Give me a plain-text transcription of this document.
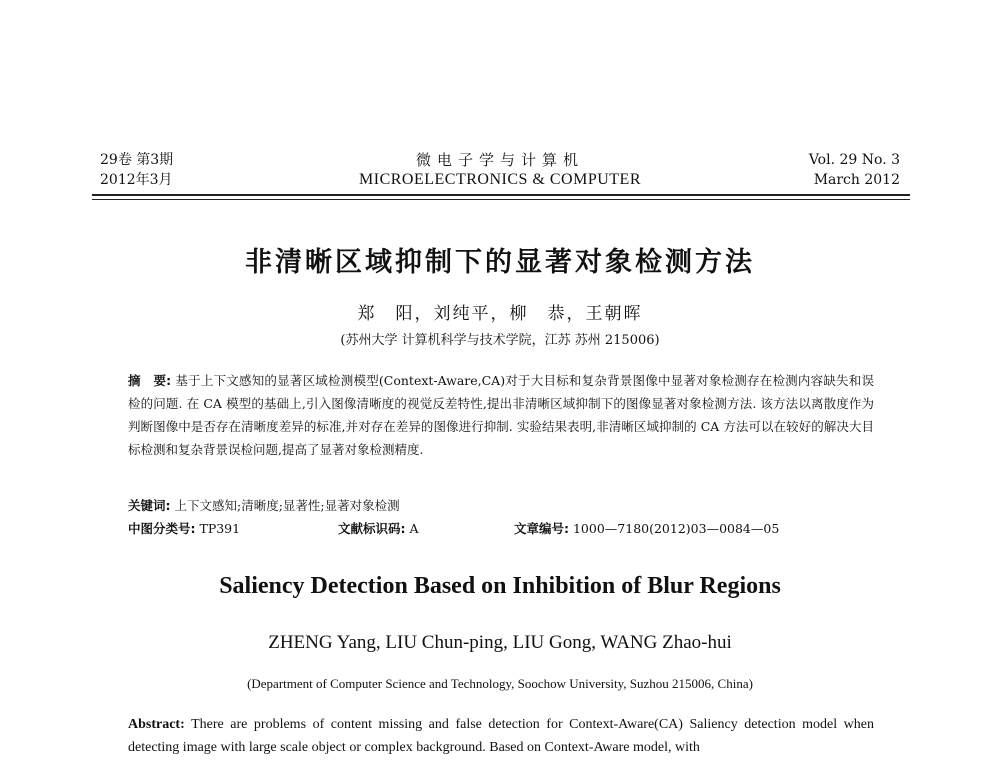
29卷 第3期
2012年3月
微电子学与计算机
MICROELECTRONICS & COMPUTER
Vol. 29 No. 3
March 2012
非清晰区域抑制下的显著对象检测方法
郑　阳，刘纯平，柳　恭，王朝晖
(苏州大学 计算机科学与技术学院，江苏 苏州 215006)
摘　要: 基于上下文感知的显著区域检测模型(Context-Aware,CA)对于大目标和复杂背景图像中显著对象检测存在检测内容缺失和误检的问题. 在 CA 模型的基础上,引入图像清晰度的视觉反差特性,提出非清晰区域抑制下的图像显著对象检测方法. 该方法以离散度作为判断图像中是否存在清晰度差异的标准,并对存在差异的图像进行抑制. 实验结果表明,非清晰区域抑制的 CA 方法可以在较好的解决大目标检测和复杂背景误检问题,提高了显著对象检测精度.
关键词: 上下文感知;清晰度;显著性;显著对象检测
中图分类号: TP391	文献标识码: A	文章编号: 1000—7180(2012)03—0084—05
Saliency Detection Based on Inhibition of Blur Regions
ZHENG Yang, LIU Chun-ping, LIU Gong, WANG Zhao-hui
(Department of Computer Science and Technology, Soochow University, Suzhou 215006, China)
Abstract: There are problems of content missing and false detection for Context-Aware(CA) Saliency detection model when detecting image with large scale object or complex background. Based on Context-Aware model, with
